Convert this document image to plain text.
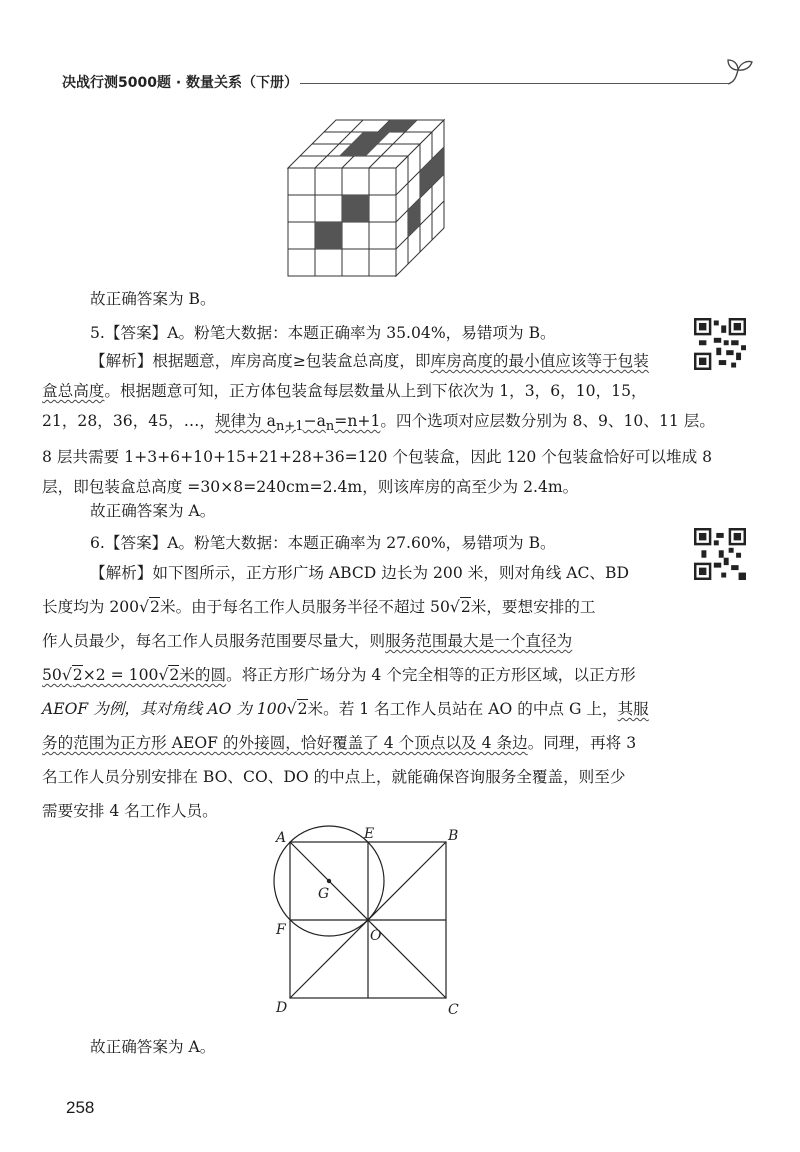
决战行测5000题 · 数量关系（下册）

故正确答案为 B。

5.【答案】A。粉笔大数据：本题正确率为 35.04%，易错项为 B。

【解析】根据题意，库房高度≥包装盒总高度，即库房高度的最小值应该等于包装
盒总高度。根据题意可知，正方体包装盒每层数量从上到下依次为 1，3，6，10，15，
21，28，36，45，…，规律为 $a_{n+1}-a_n=n+1$。四个选项对应层数分别为 8、9、10、11 层。
8 层共需要 1+3+6+10+15+21+28+36=120 个包装盒，因此 120 个包装盒恰好可以堆成 8
层，即包装盒总高度 =30×8=240cm=2.4m，则该库房的高至少为 2.4m。

故正确答案为 A。

6.【答案】A。粉笔大数据：本题正确率为 27.60%，易错项为 B。

【解析】如下图所示，正方形广场 ABCD 边长为 200 米，则对角线 AC、BD
长度均为 200√2米。由于每名工作人员服务半径不超过 50√2米，要想安排的工
作人员最少，每名工作人员服务范围要尽量大，则服务范围最大是一个直径为
50√2×2 = 100√2米的圆。将正方形广场分为 4 个完全相等的正方形区域，以正方形
AEOF 为例，其对角线 AO 为 100√2米。若 1 名工作人员站在 AO 的中点 G 上，其服
务的范围为正方形 AEOF 的外接圆，恰好覆盖了 4 个顶点以及 4 条边。同理，再将 3
名工作人员分别安排在 BO、CO、DO 的中点上，就能确保咨询服务全覆盖，则至少
需要安排 4 名工作人员。

A	E	B
G
F	O
D	C

故正确答案为 A。

258
